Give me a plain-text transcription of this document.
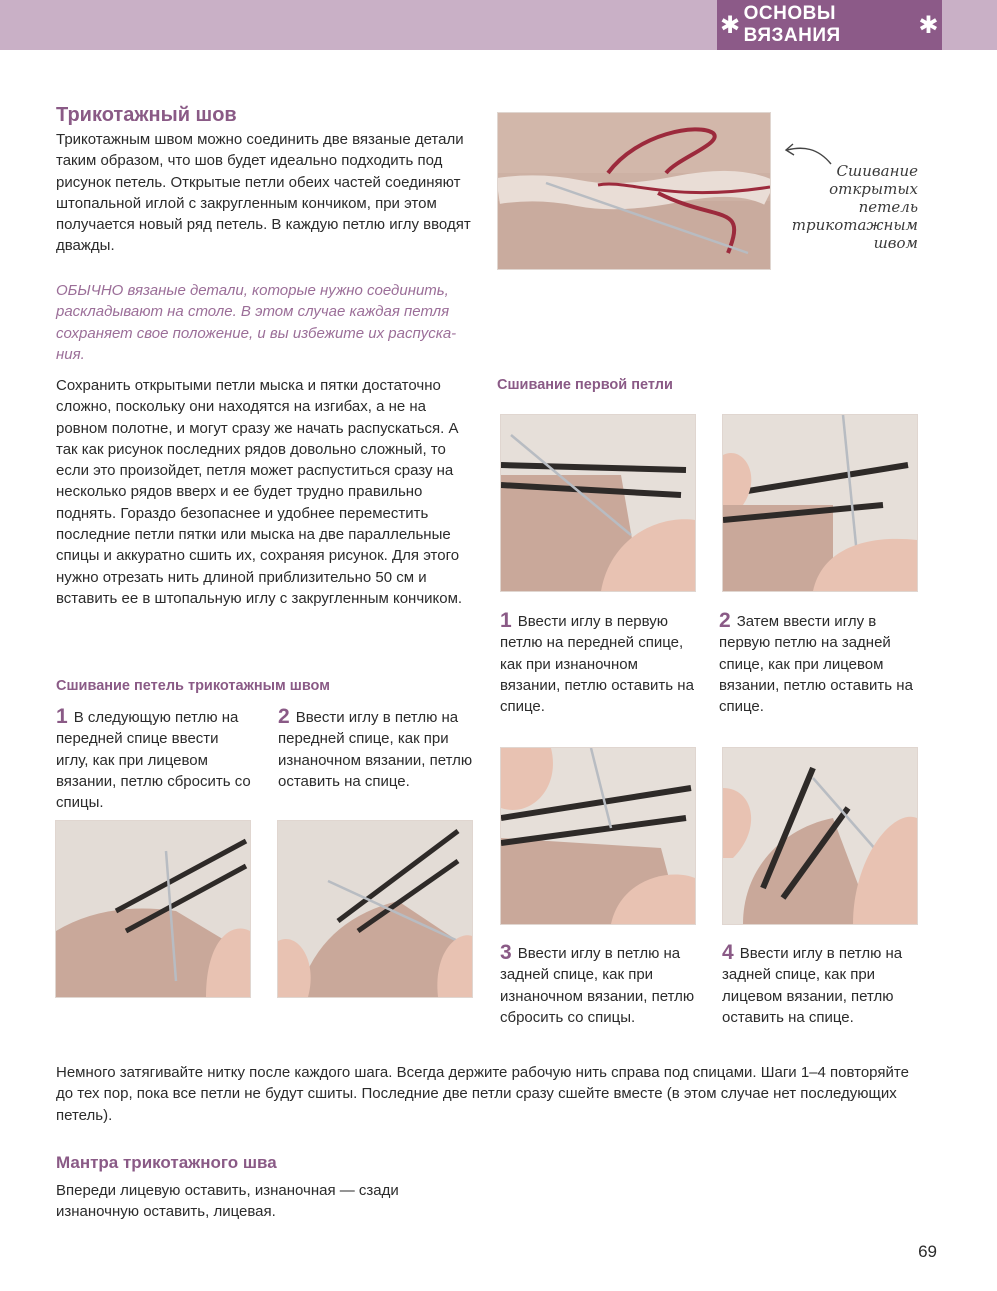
✱ ОСНОВЫ ВЯЗАНИЯ	✱
Трикотажный шов
Трикотажным швом можно соединить две вязаные детали таким образом, что шов будет идеально подходить под рисунок петель. Открытые петли обеих частей соединяют штопальной иглой с закругленным кончиком, при этом получается новый ряд петель. В каждую петлю иглу вводят дважды.
ОБЫЧНО вязаные детали, которые нужно соединить, раскладывают на столе. В этом случае каждая петля сохраняет свое положение, и вы избежите их распуска-ния.
Сохранить открытыми петли мыска и пятки достаточно сложно, поскольку они находятся на изгибах, а не на ровном полотне, и могут сразу же начать распускаться. А так как рисунок последних рядов довольно сложный, то если это произойдет, петля может распуститься сразу на несколько рядов вверх и ее будет трудно правильно поднять. Гораздо безопаснее и удобнее переместить последние петли пятки или мыска на две параллельные спицы и аккуратно сшить их, сохраняя рисунок. Для этого нужно отрезать нить длиной приблизительно 50 см и вставить ее в штопальную иглу с закругленным кончиком.
Сшивание открытых петель трикотажным швом
Сшивание петель трикотажным швом
1 В следующую петлю на передней спице ввести иглу, как при лицевом вязании, петлю сбросить со спицы.
2 Ввести иглу в петлю на передней спице, как при изнаночном вязании, петлю оставить на спице.
Сшивание первой петли
1 Ввести иглу в первую петлю на передней спице, как при изнаночном вязании, петлю оставить на спице.
2 Затем ввести иглу в первую петлю на задней спице, как при лицевом вязании, петлю оставить на спице.
3 Ввести иглу в петлю на задней спице, как при изнаночном вязании, петлю сбросить со спицы.
4 Ввести иглу в петлю на задней спице, как при лицевом вязании, петлю оставить на спице.
Немного затягивайте нитку после каждого шага. Всегда держите рабочую нить справа под спицами. Шаги 1–4 повторяйте до тех пор, пока все петли не будут сшиты. Последние две петли сразу сшейте вместе (в этом случае нет последующих петель).
Мантра трикотажного шва
Впереди лицевую оставить, изнаночная — сзади изнаночную оставить, лицевая.
69
